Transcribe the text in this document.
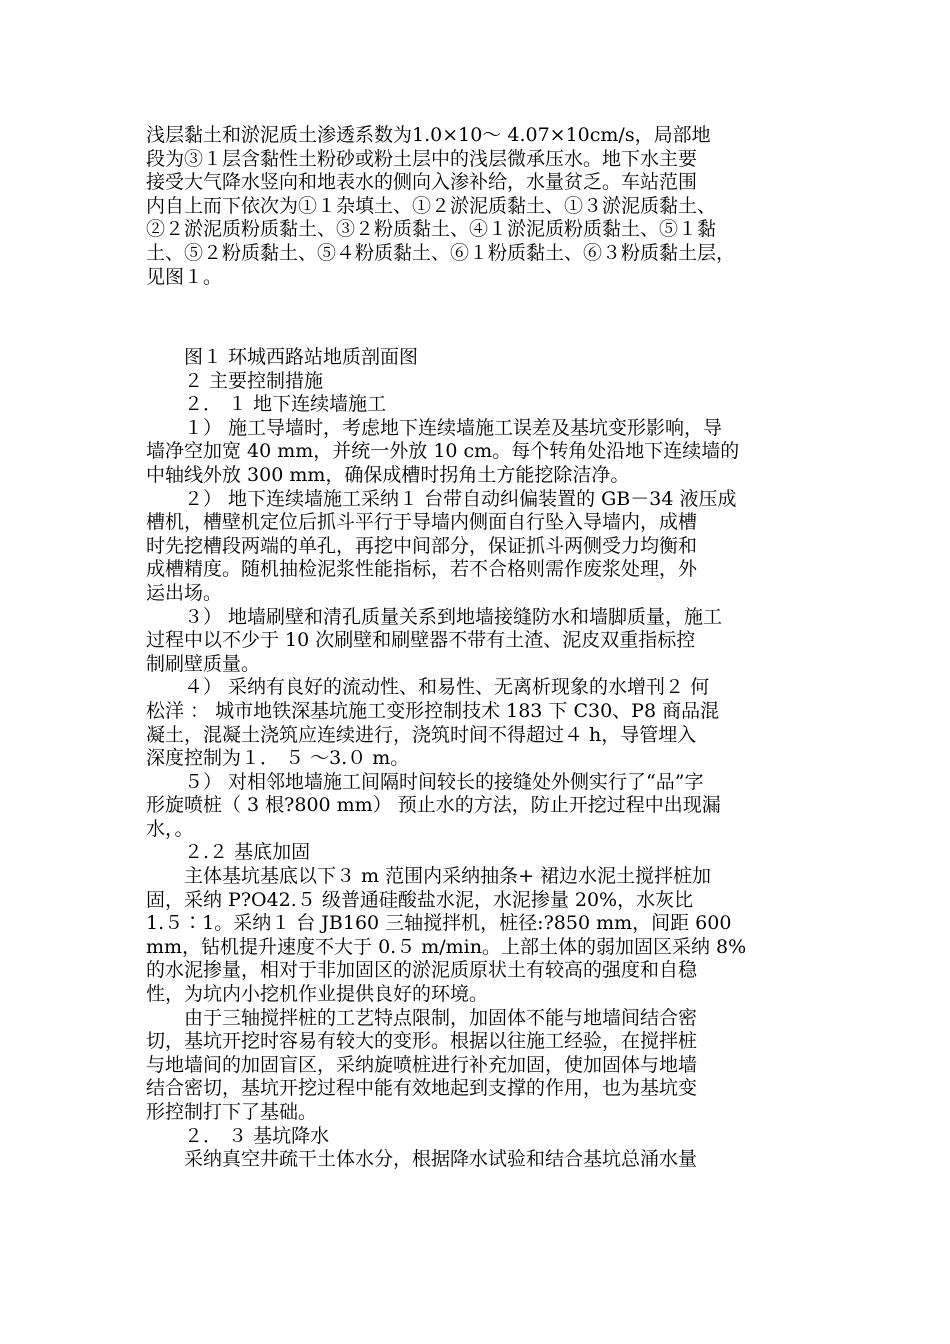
浅层黏土和淤泥质土渗透系数为1.0×10～ 4.07×10cm/s，局部地
段为③１层含黏性土粉砂或粉土层中的浅层微承压水。地下水主要
接受大气降水竖向和地表水的侧向入渗补给，水量贫乏。车站范围
内自上而下依次为①１杂填土、①２淤泥质黏土、①３淤泥质黏土、
②２淤泥质粉质黏土、③２粉质黏土、④１淤泥质粉质黏土、⑤１黏
土、⑤２粉质黏土、⑤４粉质黏土、⑥１粉质黏土、⑥３粉质黏土层，
见图１。
　　图１ 环城西路站地质剖面图
　　２ 主要控制措施
　　２． １ 地下连续墙施工
　　１） 施工导墙时，考虑地下连续墙施工误差及基坑变形影响，导
墙净空加宽 40 mm，并统一外放 10 cm。每个转角处沿地下连续墙的
中轴线外放 300 mm，确保成槽时拐角土方能挖除洁净。
　　２） 地下连续墙施工采纳１ 台带自动纠偏装置的 GB－34 液压成
槽机，槽壁机定位后抓斗平行于导墙内侧面自行坠入导墙内，成槽
时先挖槽段两端的单孔，再挖中间部分，保证抓斗两侧受力均衡和
成槽精度。随机抽检泥浆性能指标，若不合格则需作废浆处理，外
运出场。
　　３） 地墙刷壁和清孔质量关系到地墙接缝防水和墙脚质量，施工
过程中以不少于 10 次刷壁和刷壁器不带有土渣、泥皮双重指标控
制刷壁质量。
　　４） 采纳有良好的流动性、和易性、无离析现象的水增刊２ 何
松洋 ： 城市地铁深基坑施工变形控制技术 183 下 C30、P8 商品混
凝土，混凝土浇筑应连续进行，浇筑时间不得超过４ h，导管埋入
深度控制为１． ５ ～3.０ m。
　　５） 对相邻地墙施工间隔时间较长的接缝处外侧实行了“品”字
形旋喷桩（ 3 根?800 mm） 预止水的方法，防止开挖过程中出现漏
水，。
　　２.２ 基底加固
　　主体基坑基底以下３ m 范围内采纳抽条+ 裙边水泥土搅拌桩加
固，采纳 P?O42.５ 级普通硅酸盐水泥，水泥掺量 20%，水灰比
1.５∶1。采纳１ 台 JB160 三轴搅拌机，桩径:?850 mm，间距 600
mm，钻机提升速度不大于 0.５ m/min。上部土体的弱加固区采纳 8%
的水泥掺量，相对于非加固区的淤泥质原状土有较高的强度和自稳
性，为坑内小挖机作业提供良好的环境。
　　由于三轴搅拌桩的工艺特点限制，加固体不能与地墙间结合密
切，基坑开挖时容易有较大的变形。根据以往施工经验，在搅拌桩
与地墙间的加固盲区，采纳旋喷桩进行补充加固，使加固体与地墙
结合密切，基坑开挖过程中能有效地起到支撑的作用，也为基坑变
形控制打下了基础。
　　２． ３ 基坑降水
　　采纳真空井疏干土体水分，根据降水试验和结合基坑总涌水量
